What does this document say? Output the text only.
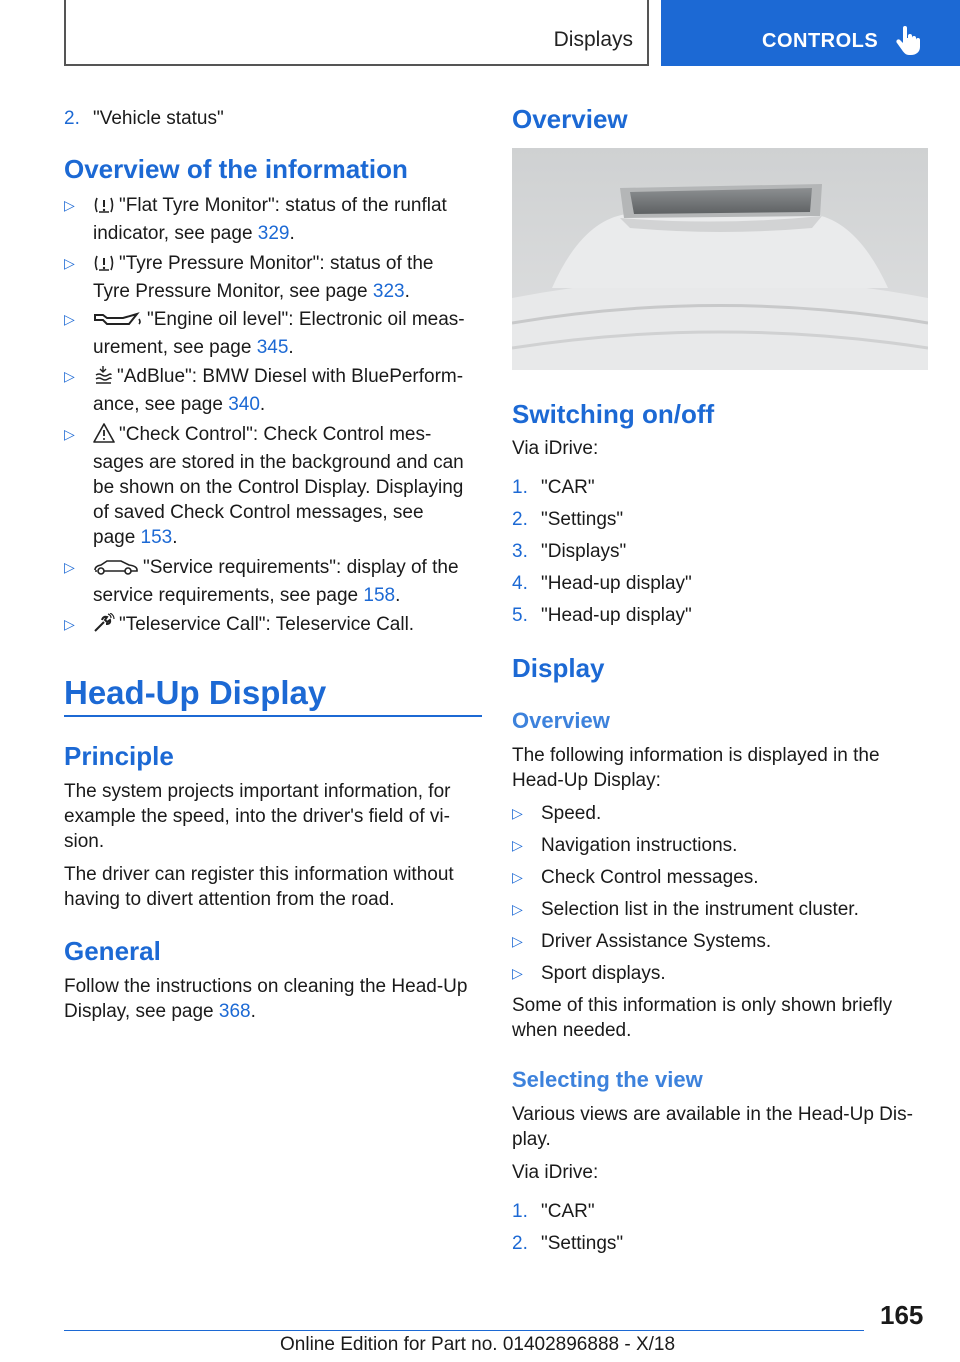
Displays	CONTROLS
2. "Vehicle status"
Overview of the information
▷	"Flat Tyre Monitor": status of the runflat
indicator, see page 329.
▷	"Tyre Pressure Monitor": status of the
Tyre Pressure Monitor, see page 323.
▷	"Engine oil level": Electronic oil meas-
urement, see page 345.
▷	"AdBlue": BMW Diesel with BluePerform-
ance, see page 340.
▷	"Check Control": Check Control mes-
sages are stored in the background and can
be shown on the Control Display. Displaying
of saved Check Control messages, see
page 153.
▷	"Service requirements": display of the
service requirements, see page 158.
▷	"Teleservice Call": Teleservice Call.
Head-Up Display
Principle
The system projects important information, for
example the speed, into the driver's field of vi-
sion.
The driver can register this information without
having to divert attention from the road.
General
Follow the instructions on cleaning the Head-Up
Display, see page 368.
Overview
Switching on/off
Via iDrive:
1. "CAR"
2. "Settings"
3. "Displays"
4. "Head-up display"
5. "Head-up display"
Display
Overview
The following information is displayed in the
Head-Up Display:
▷ Speed.
▷ Navigation instructions.
▷ Check Control messages.
▷ Selection list in the instrument cluster.
▷ Driver Assistance Systems.
▷ Sport displays.
Some of this information is only shown briefly
when needed.
Selecting the view
Various views are available in the Head-Up Dis-
play.
Via iDrive:
1. "CAR"
2. "Settings"
165
Online Edition for Part no. 01402896888 - X/18
